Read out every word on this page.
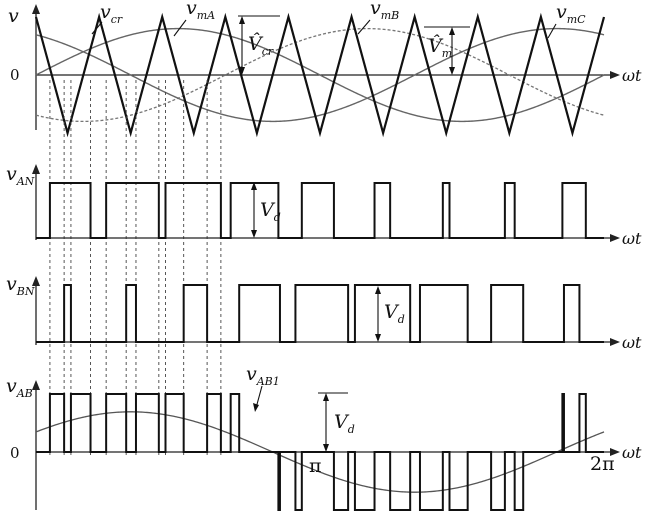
v
0	ωt
$v_{cr}$
$v_{mA}$	$v_{mB}$	$v_{mC}$
$V̂_{cr}$	$V̂_m$
$v_{AN}$
ωt
$V_d$
$v_{BN}$
ωt
$V_d$
$v_{AB}$
0	ωt
$v_{AB1}$
$V_d$
π	2π
